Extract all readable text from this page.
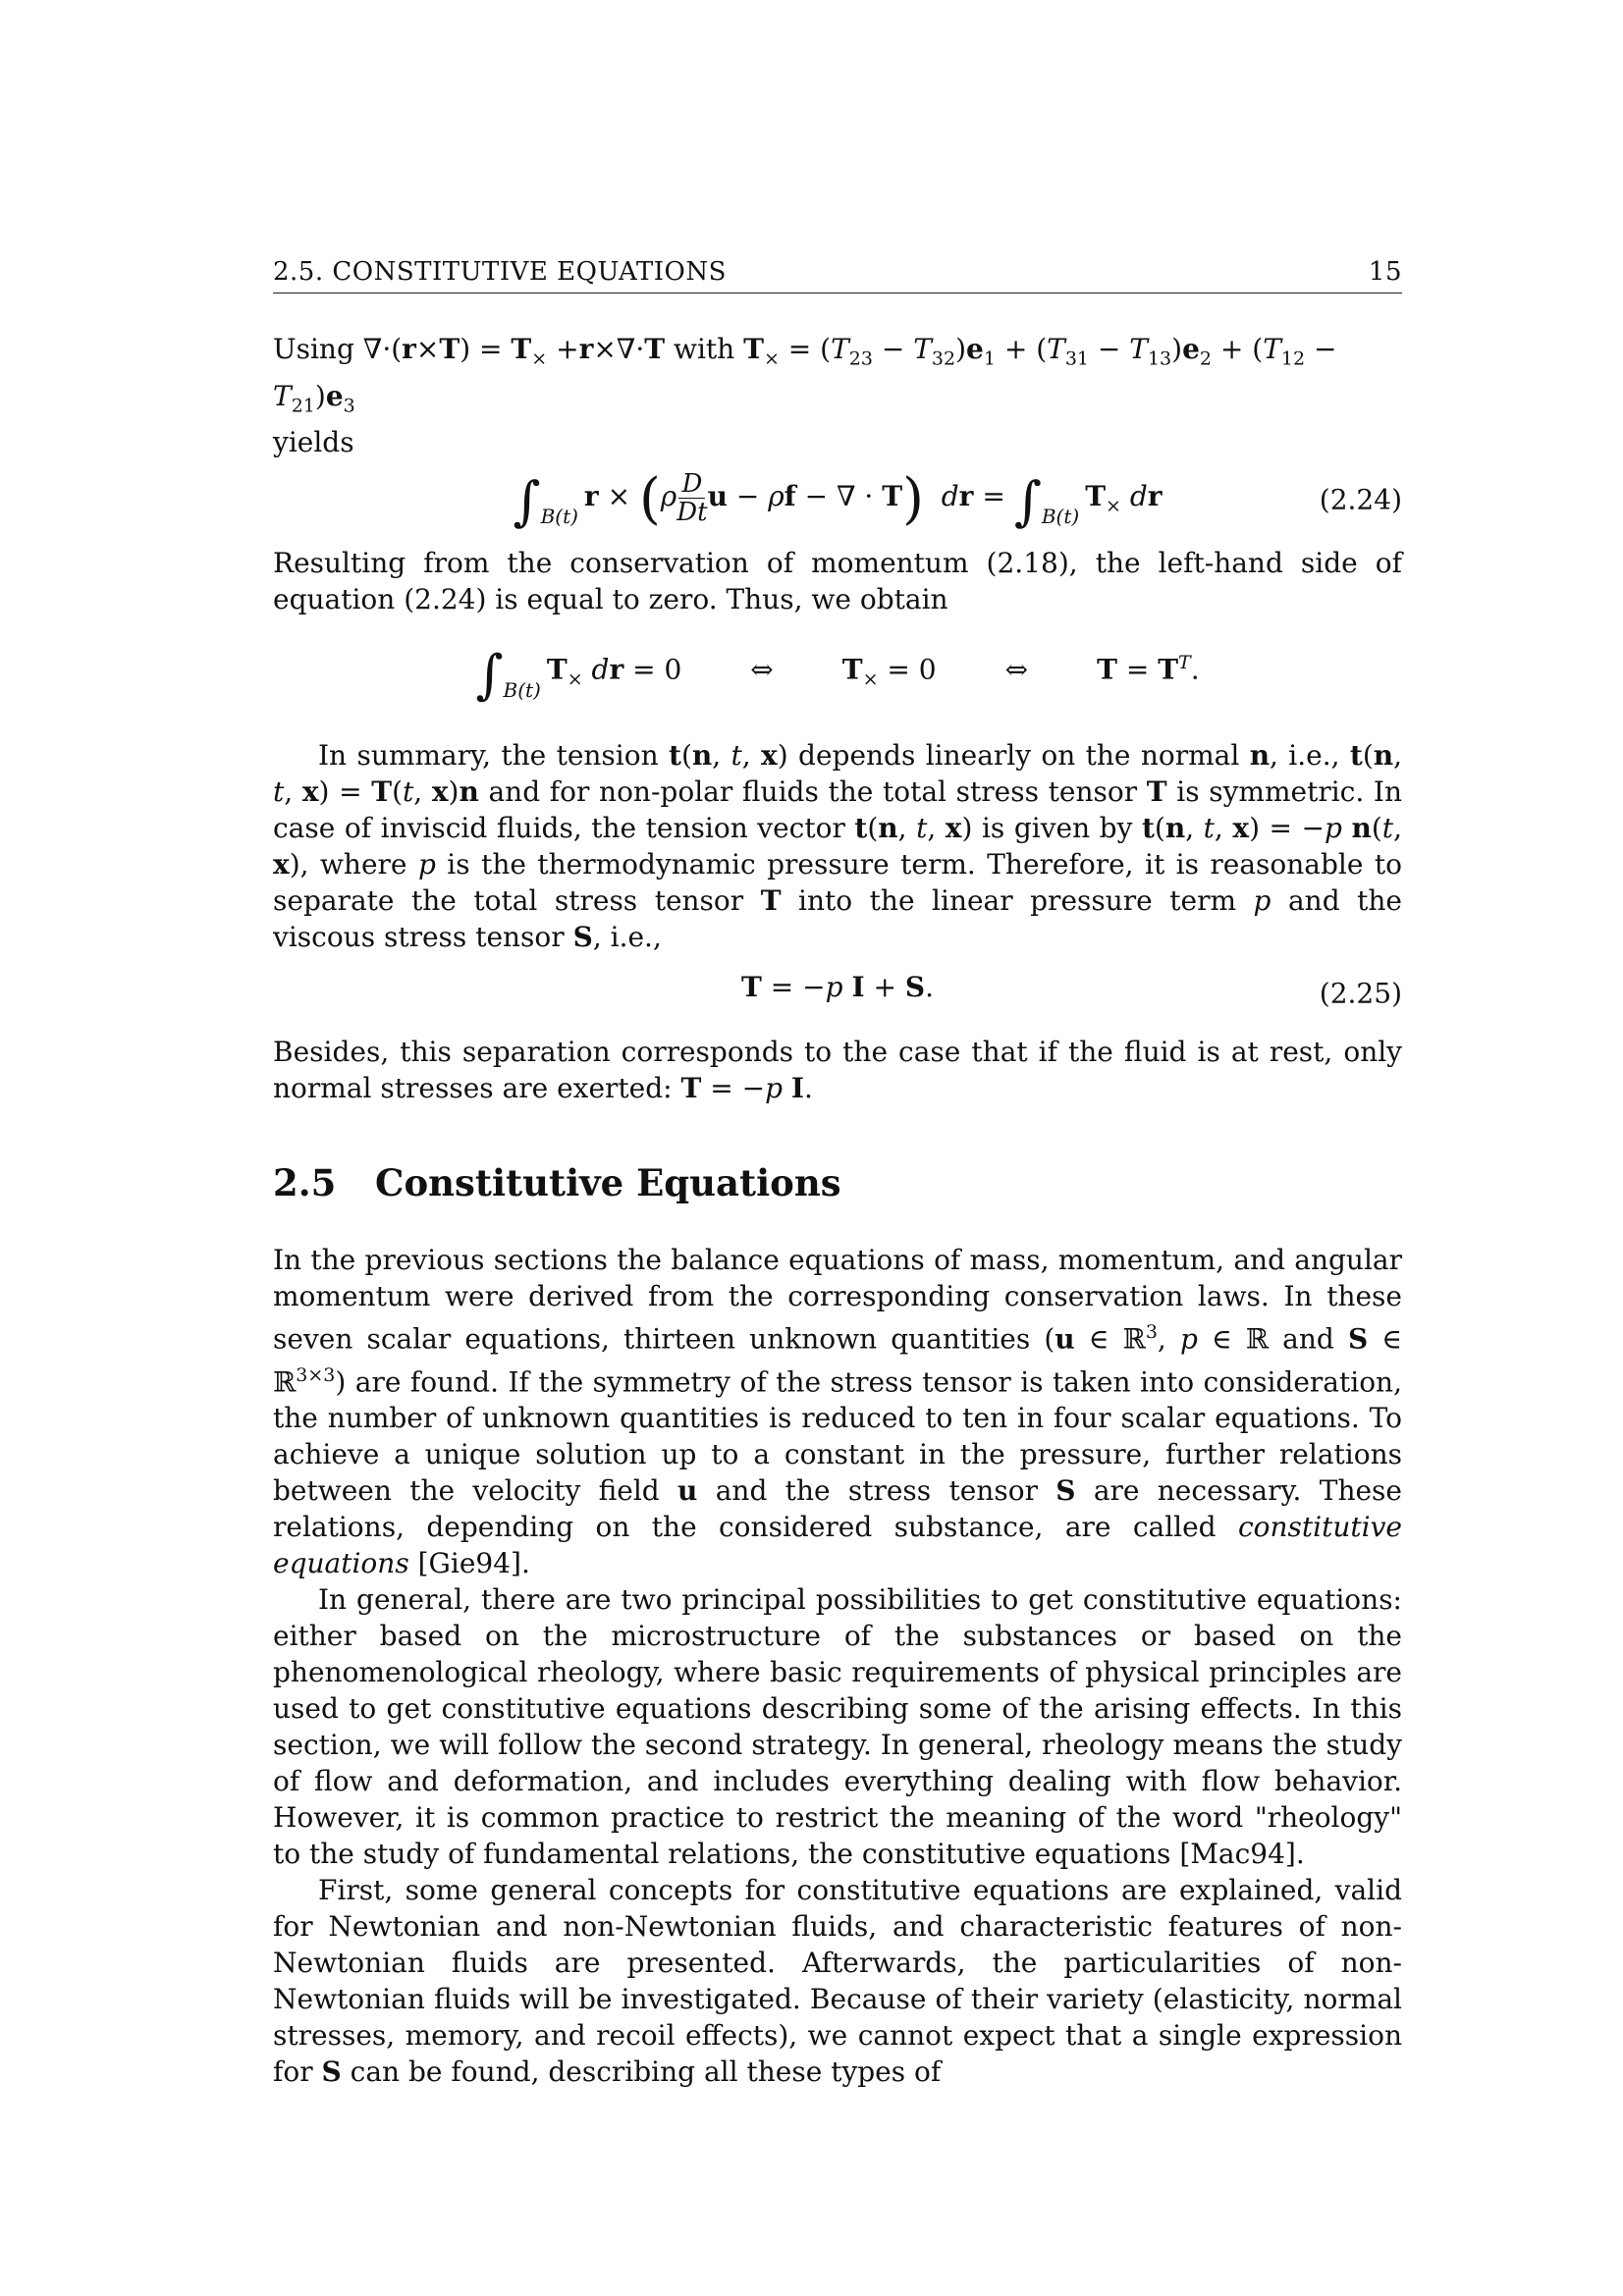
2.5. CONSTITUTIVE EQUATIONS	15

Using $\nabla\cdot(r\times T) = T_\times +r\times\nabla\cdot T$ with $T_\times = (T_{23} - T_{32})e_1 + (T_{31} - T_{13})e_2 + (T_{12} - T_{21})e_3$
yields

$\int_{B(t)}r \times (\rho \frac{D}{Dt}$ u − ρf − ∇ · T) dr = $\int_{B(t)}T_\times$ dr	(2.24)

Resulting from the conservation of momentum (2.18), the left-hand side of equation (2.24) is equal to zero. Thus, we obtain

$\int_{B(t)}T_\times$ dr = 0	⇔	$T_\times = 0$	⇔	$T = T^T$.

In summary, the tension t(n, t, x) depends linearly on the normal n, i.e., t(n, t, x) = T(t, x)n and for non-polar fluids the total stress tensor T is symmetric. In case of inviscid fluids, the tension vector t(n, t, x) is given by t(n, t, x) = −p n(t, x), where p is the thermodynamic pressure term. Therefore, it is reasonable to separate the total stress tensor T into the linear pressure term p and the viscous stress tensor S, i.e.,

T = −p I + S.	(2.25)

Besides, this separation corresponds to the case that if the fluid is at rest, only normal stresses are exerted: T = −p I.

2.5 Constitutive Equations

In the previous sections the balance equations of mass, momentum, and angular momentum were derived from the corresponding conservation laws. In these seven scalar equations, thirteen unknown quantities (u ∈ ℝ$^3$, p ∈ ℝ and S ∈ ℝ$^{3\times 3}$) are found. If the symmetry of the stress tensor is taken into consideration, the number of unknown quantities is reduced to ten in four scalar equations. To achieve a unique solution up to a constant in the pressure, further relations between the velocity field u and the stress tensor S are necessary. These relations, depending on the considered substance, are called constitutive equations [Gie94].

In general, there are two principal possibilities to get constitutive equations: either based on the microstructure of the substances or based on the phenomenological rheology, where basic requirements of physical principles are used to get constitutive equations describing some of the arising effects. In this section, we will follow the second strategy. In general, rheology means the study of flow and deformation, and includes everything dealing with flow behavior. However, it is common practice to restrict the meaning of the word "rheology" to the study of fundamental relations, the constitutive equations [Mac94].

First, some general concepts for constitutive equations are explained, valid for Newtonian and non-Newtonian fluids, and characteristic features of non-Newtonian fluids are presented. Afterwards, the particularities of non-Newtonian fluids will be investigated. Because of their variety (elasticity, normal stresses, memory, and recoil effects), we cannot expect that a single expression for S can be found, describing all these types of
